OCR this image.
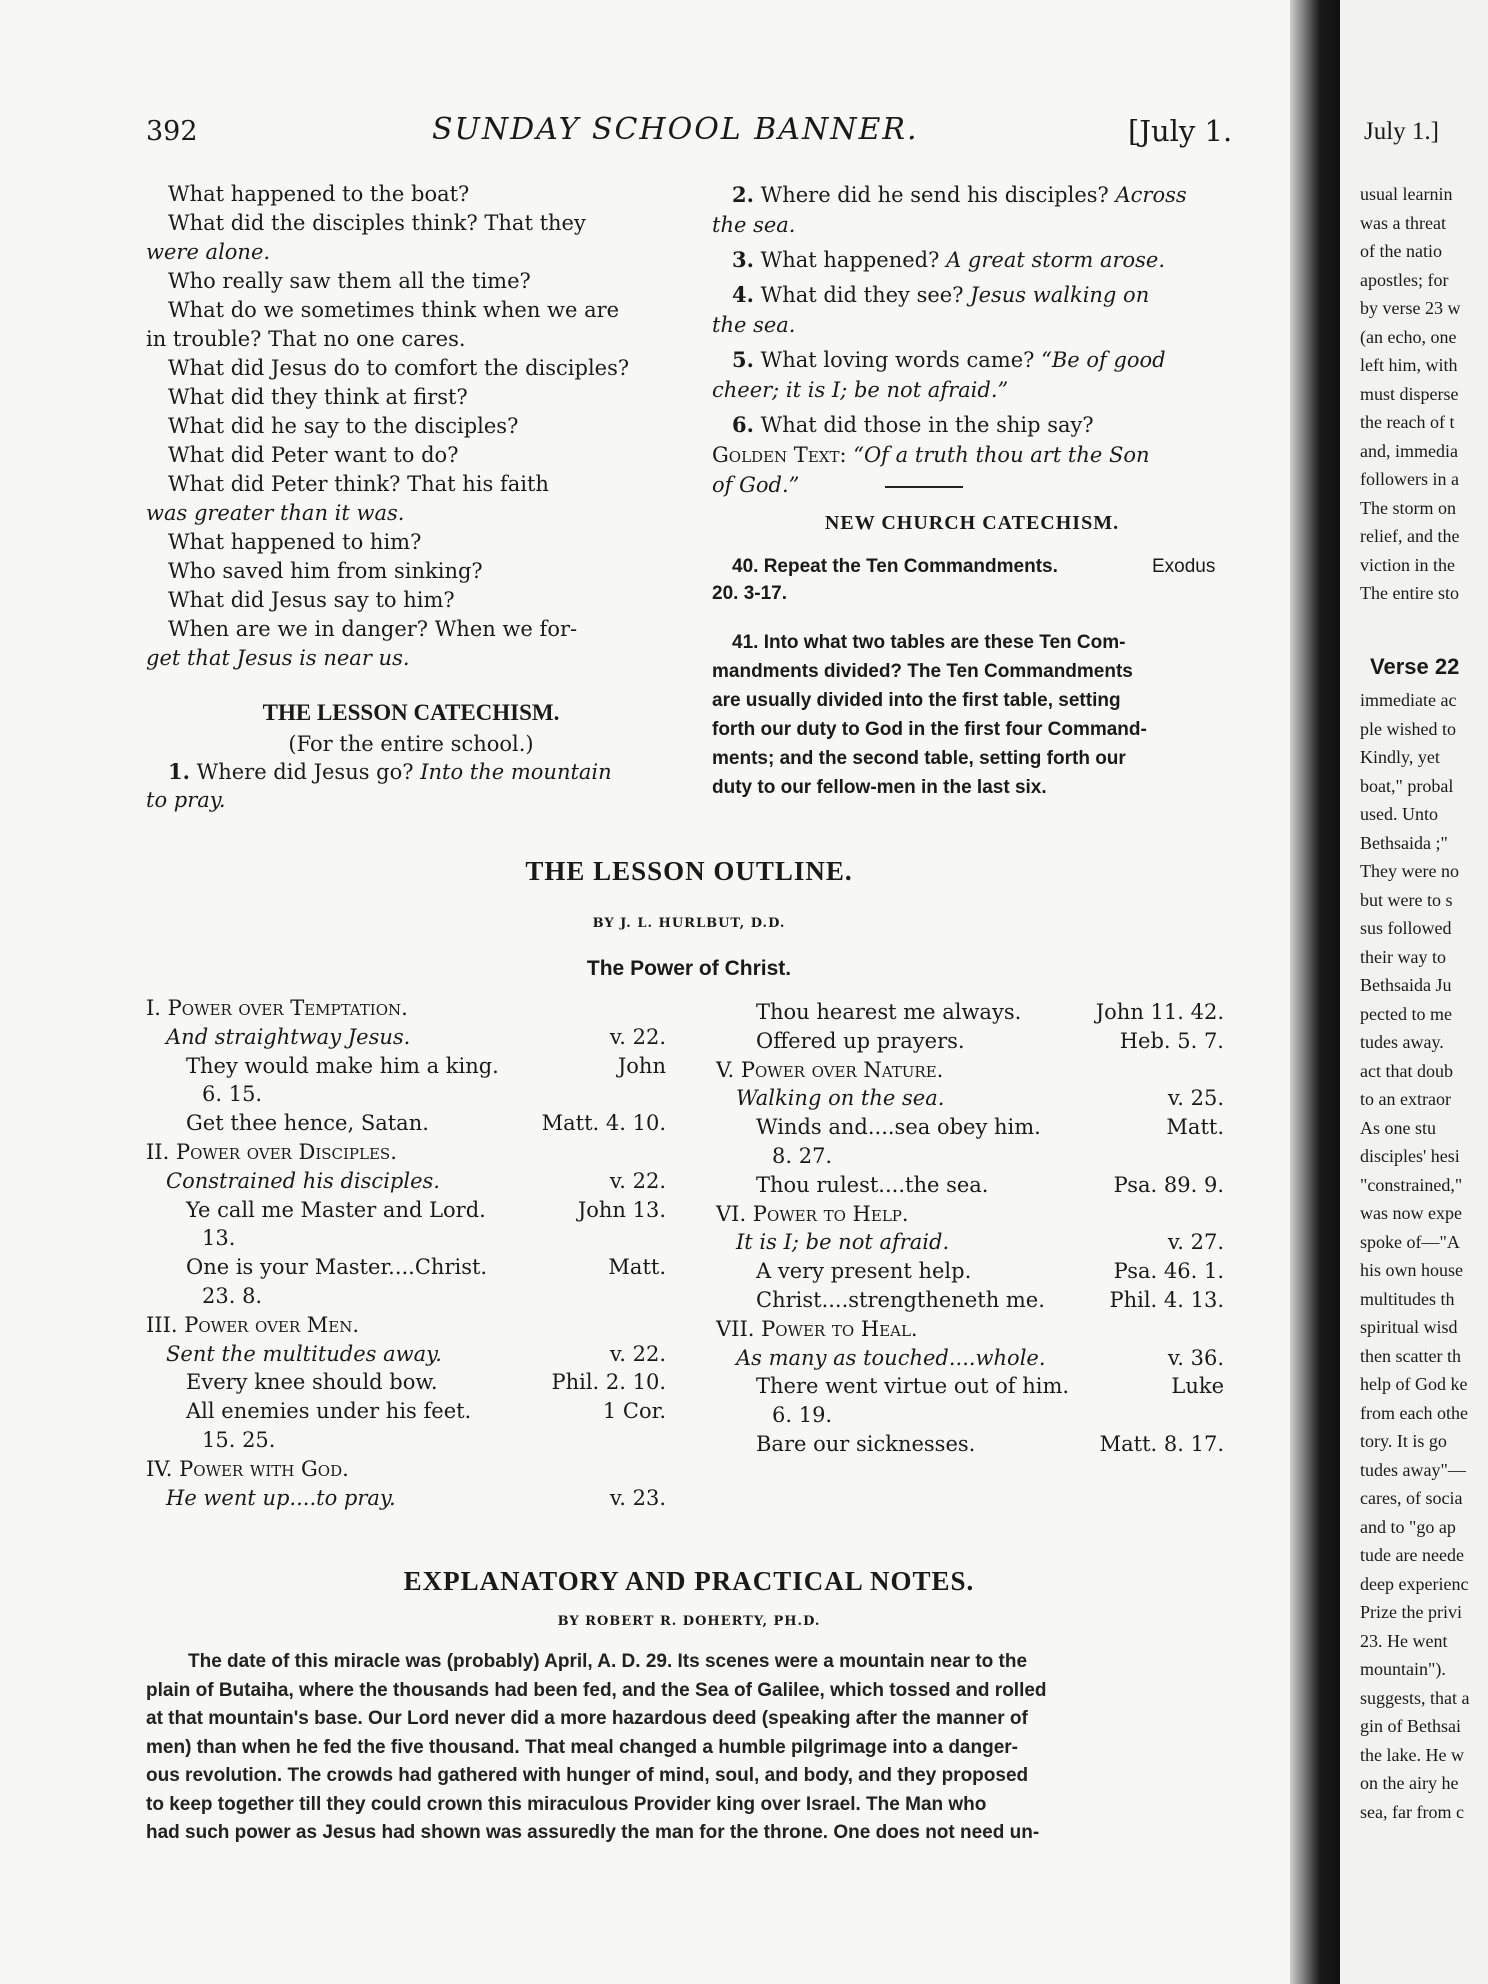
392	SUNDAY SCHOOL BANNER.	[July 1.
What happened to the boat?
What did the disciples think? That they
were alone.
Who really saw them all the time?
What do we sometimes think when we are
in trouble? That no one cares.
What did Jesus do to comfort the disciples?
What did they think at first?
What did he say to the disciples?
What did Peter want to do?
What did Peter think? That his faith
was greater than it was.
What happened to him?
Who saved him from sinking?
What did Jesus say to him?
When are we in danger? When we for-
get that Jesus is near us.
THE LESSON CATECHISM.
(For the entire school.)
1. Where did Jesus go? Into the mountain
to pray.
2. Where did he send his disciples? Across
the sea.
3. What happened? A great storm arose.
4. What did they see? Jesus walking on
the sea.
5. What loving words came? “Be of good
cheer; it is I; be not afraid.”
6. What did those in the ship say?
Golden Text: “Of a truth thou art the Son
of God.”
NEW CHURCH CATECHISM.
40. Repeat the Ten Commandments.	Exodus
20. 3-17.
41. Into what two tables are these Ten Com-
mandments divided? The Ten Commandments
are usually divided into the first table, setting
forth our duty to God in the first four Command-
ments; and the second table, setting forth our
duty to our fellow-men in the last six.
THE LESSON OUTLINE.
BY J. L. HURLBUT, D.D.
The Power of Christ.
I. Power over Temptation.
And straightway Jesus.	v. 22.
They would make him a king.	John
6. 15.
Get thee hence, Satan.	Matt. 4. 10.
II. Power over Disciples.
Constrained his disciples.	v. 22.
Ye call me Master and Lord.	John 13.
13.
One is your Master....Christ.	Matt.
23. 8.
III. Power over Men.
Sent the multitudes away.	v. 22.
Every knee should bow.	Phil. 2. 10.
All enemies under his feet.	1 Cor.
15. 25.
IV. Power with God.
He went up....to pray.	v. 23.
Thou hearest me always.	John 11. 42.
Offered up prayers.	Heb. 5. 7.
V. Power over Nature.
Walking on the sea.	v. 25.
Winds and....sea obey him.	Matt.
8. 27.
Thou rulest....the sea.	Psa. 89. 9.
VI. Power to Help.
It is I; be not afraid.	v. 27.
A very present help.	Psa. 46. 1.
Christ....strengtheneth me.	Phil. 4. 13.
VII. Power to Heal.
As many as touched....whole.	v. 36.
There went virtue out of him.	Luke
6. 19.
Bare our sicknesses.	Matt. 8. 17.
EXPLANATORY AND PRACTICAL NOTES.
BY ROBERT R. DOHERTY, PH.D.
The date of this miracle was (probably) April, A. D. 29. Its scenes were a mountain near to the
plain of Butaiha, where the thousands had been fed, and the Sea of Galilee, which tossed and rolled
at that mountain's base. Our Lord never did a more hazardous deed (speaking after the manner of
men) than when he fed the five thousand. That meal changed a humble pilgrimage into a danger-
ous revolution. The crowds had gathered with hunger of mind, soul, and body, and they proposed
to keep together till they could crown this miraculous Provider king over Israel. The Man who
had such power as Jesus had shown was assuredly the man for the throne. One does not need un-
July 1.]
usual learnin
was a threat
of the natio
apostles; for
by verse 23 w
(an echo, one
left him, with
must disperse
the reach of t
and, immedia
followers in a
The storm on
relief, and the
viction in the
The entire sto
Verse 22
immediate ac
ple wished to
Kindly, yet
boat," probal
used. Unto
Bethsaida ;"
They were no
but were to s
sus followed
their way to
Bethsaida Ju
pected to me
tudes away.
act that doub
to an extraor
As one stu
disciples' hesi
"constrained,"
was now expe
spoke of—"A
his own house
multitudes th
spiritual wisd
then scatter th
help of God ke
from each othe
tory. It is go
tudes away"—
cares, of socia
and to "go ap
tude are neede
deep experienc
Prize the privi
23. He went
mountain").
suggests, that a
gin of Bethsai
the lake. He w
on the airy he
sea, far from c
